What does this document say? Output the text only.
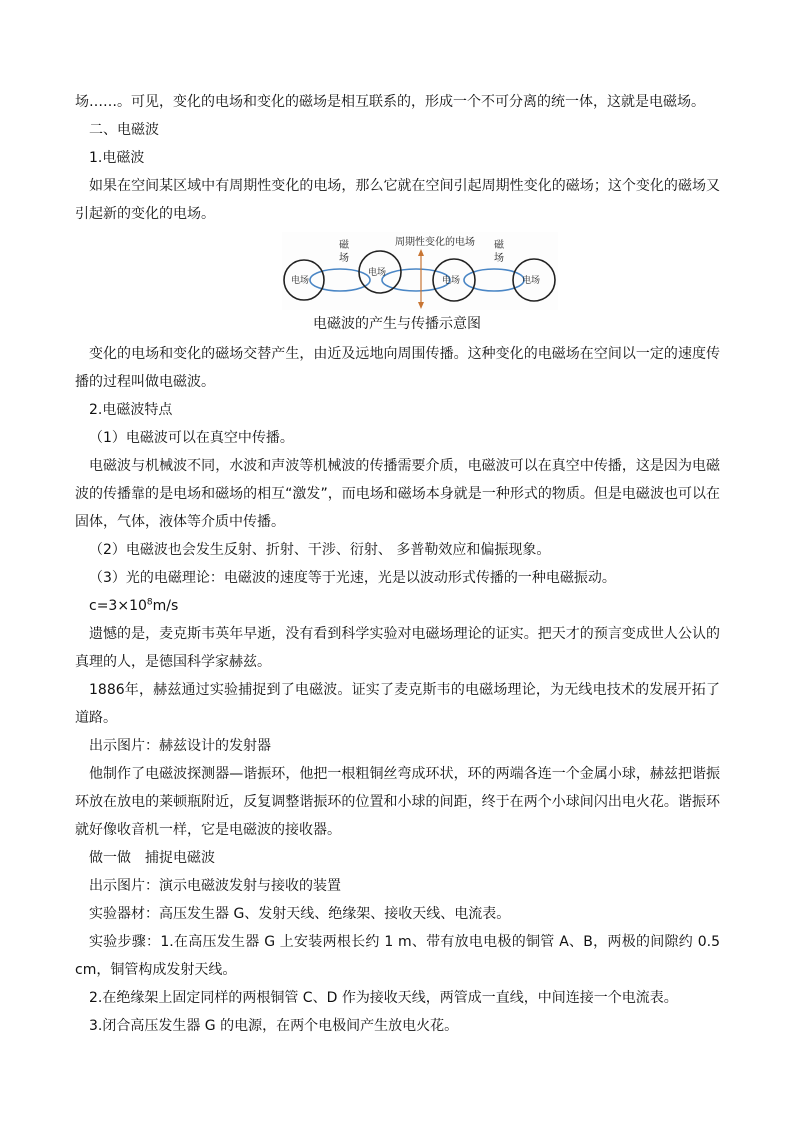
场……。可见，变化的电场和变化的磁场是相互联系的，形成一个不可分离的统一体，这就是电磁场。

二、电磁波

1.电磁波

如果在空间某区域中有周期性变化的电场，那么它就在空间引起周期性变化的磁场；这个变化的磁场又引起新的变化的电场。

周期性变化的电场
磁
场
磁
场
电场
电场
电场	电场
电磁波的产生与传播示意图

变化的电场和变化的磁场交替产生，由近及远地向周围传播。这种变化的电磁场在空间以一定的速度传播的过程叫做电磁波。

2.电磁波特点

（1）电磁波可以在真空中传播。

电磁波与机械波不同，水波和声波等机械波的传播需要介质，电磁波可以在真空中传播，这是因为电磁波的传播靠的是电场和磁场的相互“激发”，而电场和磁场本身就是一种形式的物质。但是电磁波也可以在固体，气体，液体等介质中传播。

（2）电磁波也会发生反射、折射、干涉、衍射、 多普勒效应和偏振现象。

（3）光的电磁理论：电磁波的速度等于光速，光是以波动形式传播的一种电磁振动。

$c=3\times 10^8m/s$

遗憾的是，麦克斯韦英年早逝，没有看到科学实验对电磁场理论的证实。把天才的预言变成世人公认的真理的人，是德国科学家赫兹。

1886年，赫兹通过实验捕捉到了电磁波。证实了麦克斯韦的电磁场理论，为无线电技术的发展开拓了道路。

出示图片：赫兹设计的发射器

他制作了电磁波探测器—谐振环，他把一根粗铜丝弯成环状，环的两端各连一个金属小球，赫兹把谐振环放在放电的莱顿瓶附近，反复调整谐振环的位置和小球的间距，终于在两个小球间闪出电火花。谐振环就好像收音机一样，它是电磁波的接收器。

做一做　捕捉电磁波

出示图片：演示电磁波发射与接收的装置

实验器材：高压发生器 G、发射天线、绝缘架、接收天线、电流表。

实验步骤：1.在高压发生器 G 上安装两根长约 1 m、带有放电电极的铜管 A、B，两极的间隙约 0.5 cm，铜管构成发射天线。

2.在绝缘架上固定同样的两根铜管 C、D 作为接收天线，两管成一直线，中间连接一个电流表。

3.闭合高压发生器 G 的电源，在两个电极间产生放电火花。
